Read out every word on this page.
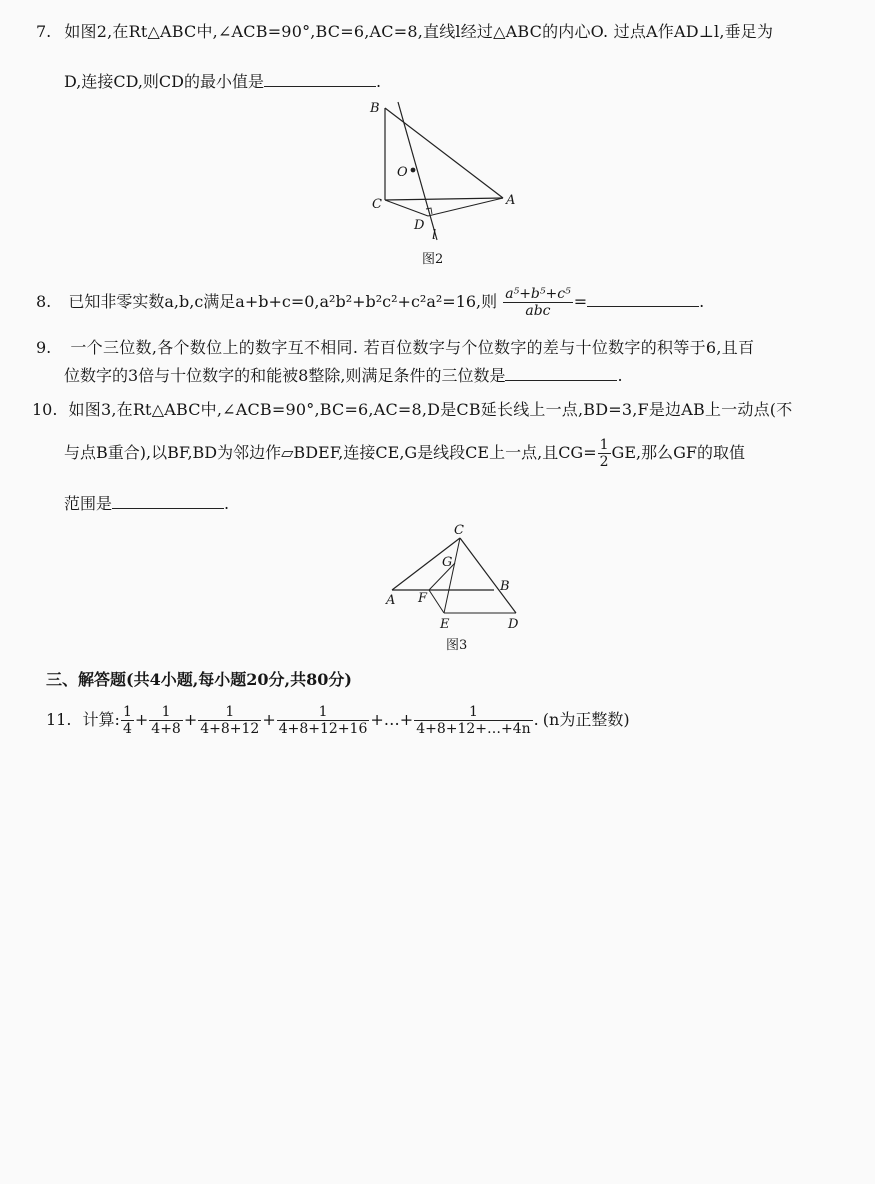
7. 如图2,在Rt△ABC中,∠ACB=90°,BC=6,AC=8,直线l经过△ABC的内心O. 过点A作AD⊥l,垂足为
D,连接CD,则CD的最小值是	.
B
O
C	A
D
l
图2
8. 已知非零实数a,b,c满足a+b+c=0,a²b²+b²c²+c²a²=16,则 $\frac{\text{a⁵+b⁵+c⁵}}{\text{abc}}$ =	.
9. 一个三位数,各个数位上的数字互不相同. 若百位数字与个位数字的差与十位数字的积等于6,且百
位数字的3倍与十位数字的和能被8整除,则满足条件的三位数是	.
10. 如图3,在Rt△ABC中,∠ACB=90°,BC=6,AC=8,D是CB延长线上一点,BD=3,F是边AB上一动点(不
与点B重合),以BF,BD为邻边作▱BDEF,连接CE,G是线段CE上一点,且$CG= \frac{1}{2}$ GE,那么GF的取值
范围是	.
C
G
B
A F
E	D
图3
三、解答题(共4小题,每小题20分,共80分)
11. 计算: $\frac{1}{4} + \frac{1}{4+8} + \frac{1}{4+8+12} + \frac{1}{4+8+12+16}$ +…+ $\frac{1}{4+8+12+\dots+4n}$ . (n为正整数)
